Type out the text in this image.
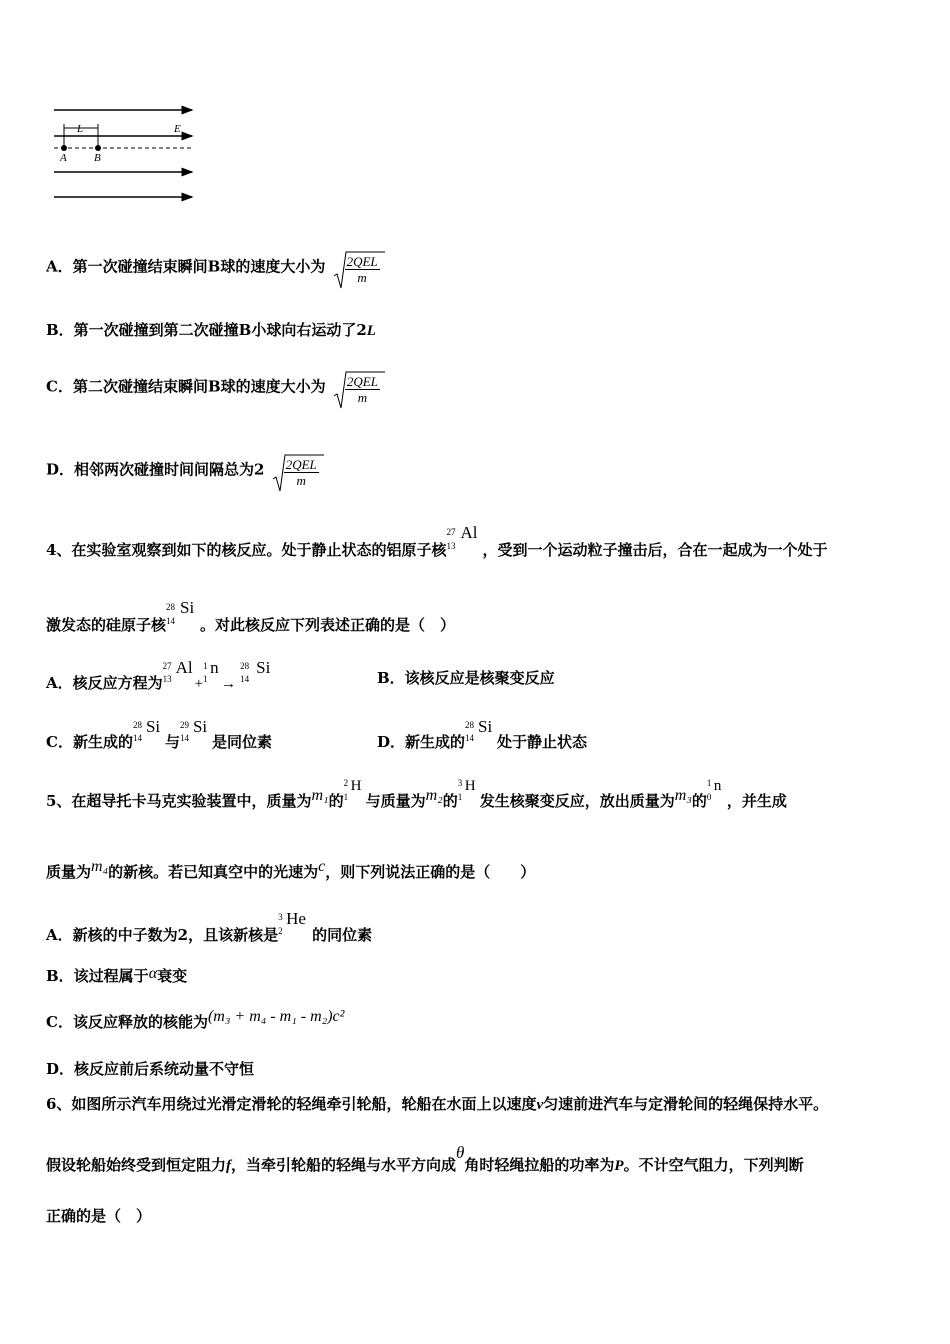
L	E
A B
A．第一次碰撞结束瞬间B球的速度大小为 $\frac{\text{2QEL}}{m}$
B．第一次碰撞到第二次碰撞B小球向右运动了2L
C．第二次碰撞结束瞬间B球的速度大小为 $\frac{\text{2QEL}}{m}$
D．相邻两次碰撞时间间隔总为$2 \frac{\text{2QEL}}{m}$
4、在实验室观察到如下的核反应。处于静止状态的铝原子核
27
13
Al
，受到一个运动粒子撞击后，合在一起成为一个处于
激发态的硅原子核
28
14
Si
。对此核反应下列表述正确的是（　）
A．核反应方程为
27
13
Al
+
1
1
n
→
28
14
Si
B．该核反应是核聚变反应
C．新生成的
28
14
Si
与
29
14
Si
是同位素	D．新生成的
28
14
Si
处于静止状态
5、在超导托卡马克实验装置中，质量为m₁的
2
1
H
与质量为m₂的
3
1
H
发生核聚变反应，放出质量为m₃的
1
0
n
，并生成
质量为m₄的新核。若已知真空中的光速为c，则下列说法正确的是（　　）
A．新核的中子数为2，且该新核是
3
2
He
的同位素
B．该过程属于α衰变
C．该反应释放的核能为(m₃ + m₄ - m₁ - m₂)c²
D．核反应前后系统动量不守恒
6、如图所示汽车用绕过光滑定滑轮的轻绳牵引轮船，轮船在水面上以速度v匀速前进汽车与定滑轮间的轻绳保持水平。
假设轮船始终受到恒定阻力f，当牵引轮船的轻绳与水平方向成θ角时轻绳拉船的功率为P。不计空气阻力，下列判断
正确的是（　）
